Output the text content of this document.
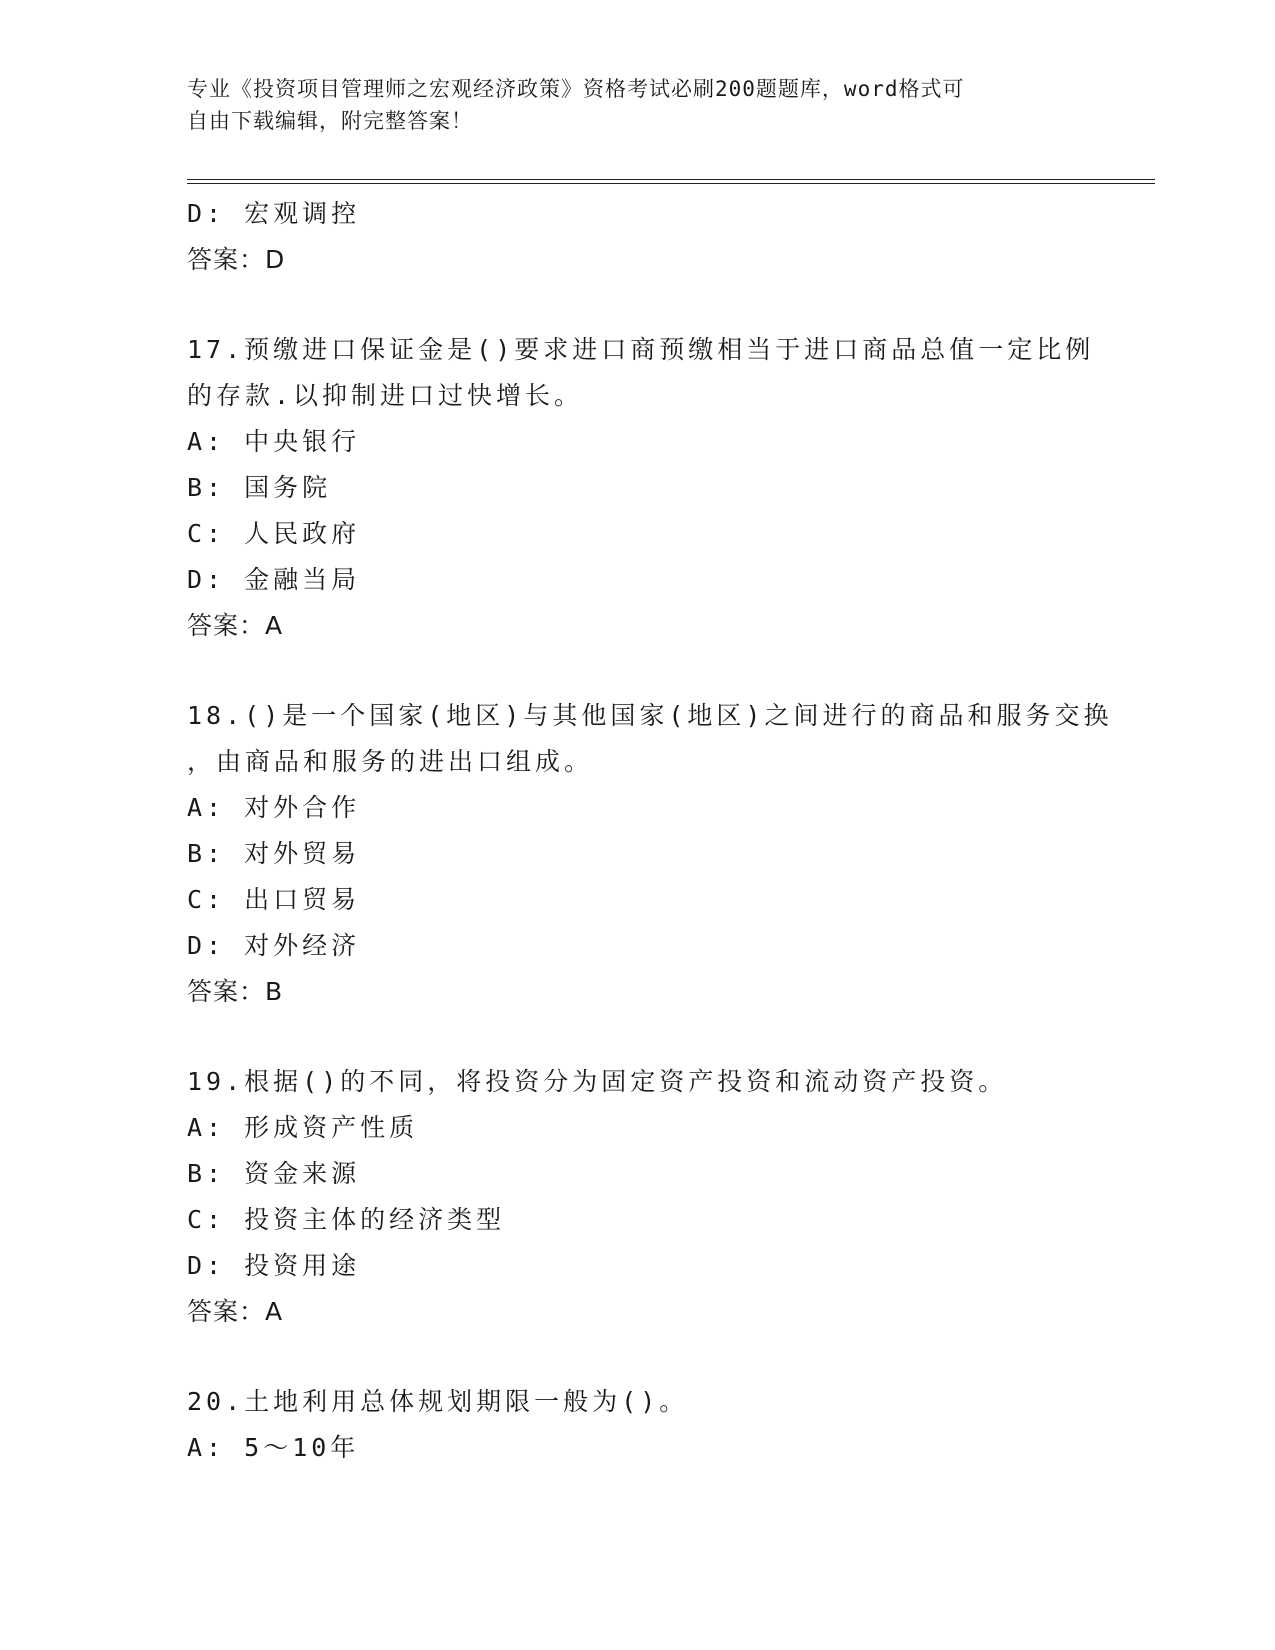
专业《投资项目管理师之宏观经济政策》资格考试必刷200题题库，word格式可
自由下载编辑，附完整答案！
D: 宏观调控
答案：D
17.预缴进口保证金是()要求进口商预缴相当于进口商品总值一定比例
的存款.以抑制进口过快增长。
A: 中央银行
B: 国务院
C: 人民政府
D: 金融当局
答案：A
18.()是一个国家(地区)与其他国家(地区)之间进行的商品和服务交换
，由商品和服务的进出口组成。
A: 对外合作
B: 对外贸易
C: 出口贸易
D: 对外经济
答案：B
19.根据()的不同，将投资分为固定资产投资和流动资产投资。
A: 形成资产性质
B: 资金来源
C: 投资主体的经济类型
D: 投资用途
答案：A
20.土地利用总体规划期限一般为()。
A: 5～10年
